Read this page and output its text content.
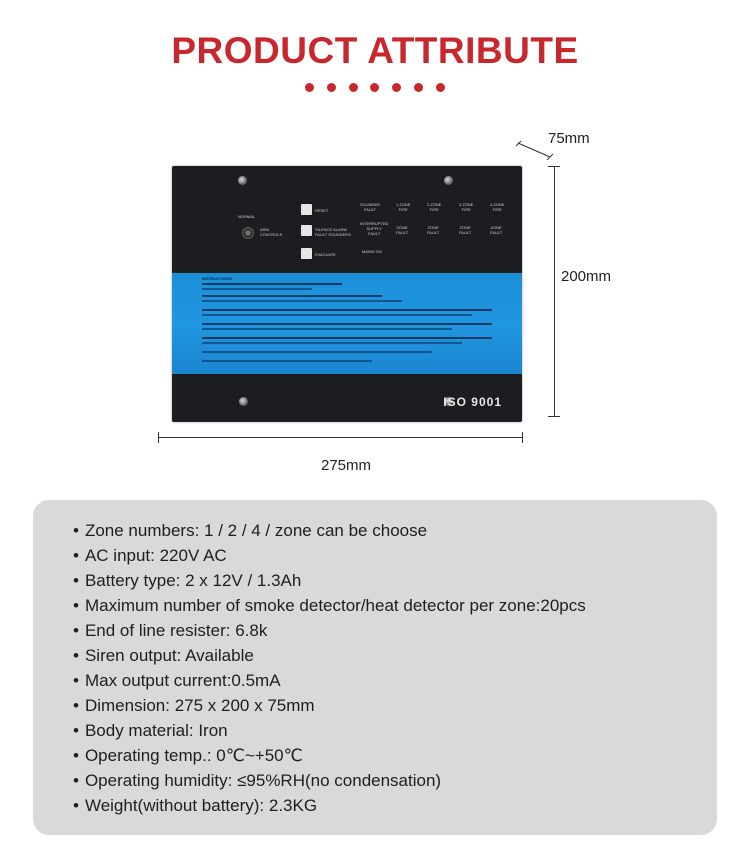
PRODUCT ATTRIBUTE
NORMAL
ARM
CONTROLS
RESET
SILENCE ALARM
FAULT SOUNDERS
EVACUATE
SOUNDER
FAULT
INTERRUPTED
SUPPLY
FAULT
MAINS ON
1.ZONE
FIRE
2.ZONE
FIRE
3.ZONE
FIRE
4.ZONE
FIRE
ZONE
FAULT
ZONE
FAULT
ZONE
FAULT
ZONE
FAULT
INSTRUCTIONS
ISO 9001
75mm
200mm
275mm
• Zone numbers: 1 / 2 / 4 / zone can be choose
• AC input: 220V AC
• Battery type: 2 x 12V / 1.3Ah
• Maximum number of smoke detector/heat detector per zone:20pcs
• End of line resister: 6.8k
• Siren output: Available
• Max output current:0.5mA
• Dimension: 275 x 200 x 75mm
• Body material: Iron
• Operating temp.: 0℃~+50℃
• Operating humidity: ≤95%RH(no condensation)
• Weight(without battery): 2.3KG
